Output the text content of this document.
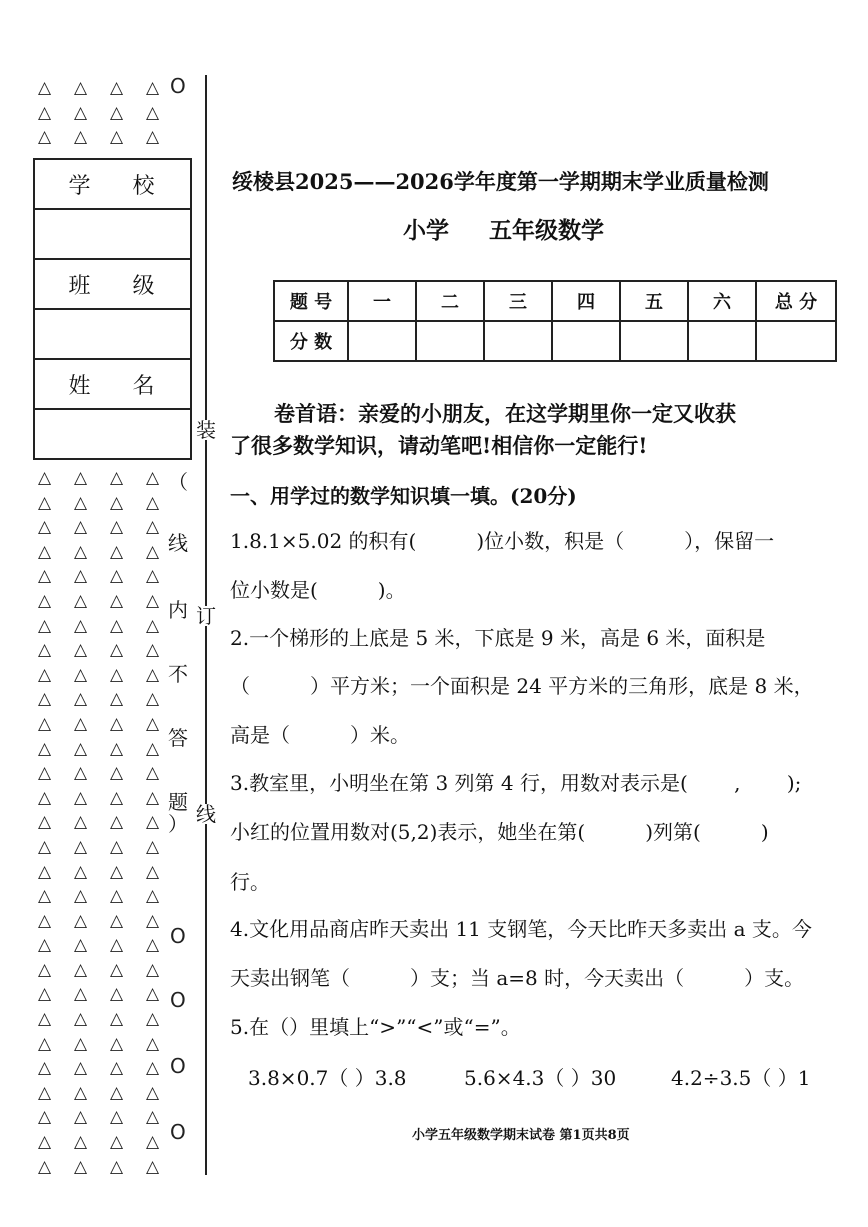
△ △ △ △
△ △ △ △
△ △ △ △
O
学 校
班 级
姓 名
△ △ △ △
△ △ △ △
△ △ △ △
△ △ △ △
△ △ △ △
△ △ △ △
△ △ △ △
△ △ △ △
△ △ △ △
△ △ △ △
△ △ △ △
△ △ △ △
△ △ △ △
△ △ △ △
△ △ △ △
△ △ △ △
△ △ △ △
△ △ △ △
△ △ △ △
△ △ △ △
△ △ △ △
△ △ △ △
△ △ △ △
△ △ △ △
△ △ △ △
△ △ △ △
△ △ △ △
△ △ △ △
△ △ △ △
O
O
O
O
（
线
内
不
答
题
）
装
订
线
绥棱县2025——2026学年度第一学期期末学业质量检测
小学 五年级数学
题 号	一	二	三	四	五	六	总 分
分 数							
卷首语：亲爱的小朋友，在这学期里你一定又收获
了很多数学知识，请动笔吧!相信你一定能行!
一、用学过的数学知识填一填。(20分)
1.8.1×5.02 的积有(　　　)位小数，积是（　　　），保留一
位小数是(　　　)。
2.一个梯形的上底是 5 米，下底是 9 米，高是 6 米，面积是
（　　　）平方米；一个面积是 24 平方米的三角形，底是 8 米，
高是（　　　）米。
3.教室里，小明坐在第 3 列第 4 行，用数对表示是(　　 ,　　 );
小红的位置用数对(5,2)表示，她坐在第(　　　)列第(　　　)
行。
4.文化用品商店昨天卖出 11 支钢笔，今天比昨天多卖出 a 支。今
天卖出钢笔（　　　）支；当 a=8 时，今天卖出（　　　）支。
5.在（）里填上“>”“<”或“=”。
3.8×0.7（ ）3.8	5.6×4.3（ ）30	4.2÷3.5（ ）1
小学五年级数学期末试卷 第1页共8页
